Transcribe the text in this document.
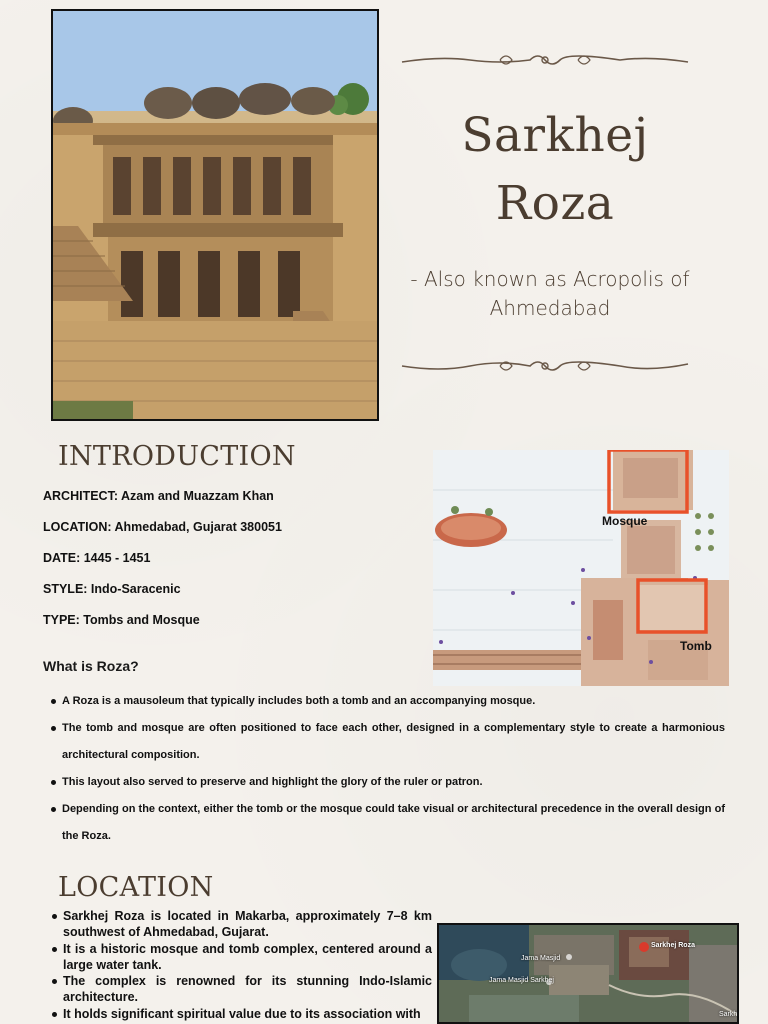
Sarkhej
Roza
- Also known as Acropolis of Ahmedabad
INTRODUCTION
ARCHITECT: Azam and Muazzam Khan
LOCATION: Ahmedabad, Gujarat 380051
DATE: 1445 - 1451
STYLE: Indo-Saracenic
TYPE: Tombs and Mosque
Mosque
Tomb
What is Roza?
A Roza is a mausoleum that typically includes both a tomb and an accompanying mosque.
The tomb and mosque are often positioned to face each other, designed in a complementary style to create a harmonious architectural composition.
This layout also served to preserve and highlight the glory of the ruler or patron.
Depending on the context, either the tomb or the mosque could take visual or architectural precedence in the overall design of the Roza.
LOCATION
Sarkhej Roza is located in Makarba, approximately 7–8 km southwest of Ahmedabad, Gujarat.
It is a historic mosque and tomb complex, centered around a large water tank.
The complex is renowned for its stunning Indo-Islamic architecture.
It holds significant spiritual value due to its association with
Sarkhej Roza
Jama Masjid
Jama Masjid Sarkhej
Sarkh
